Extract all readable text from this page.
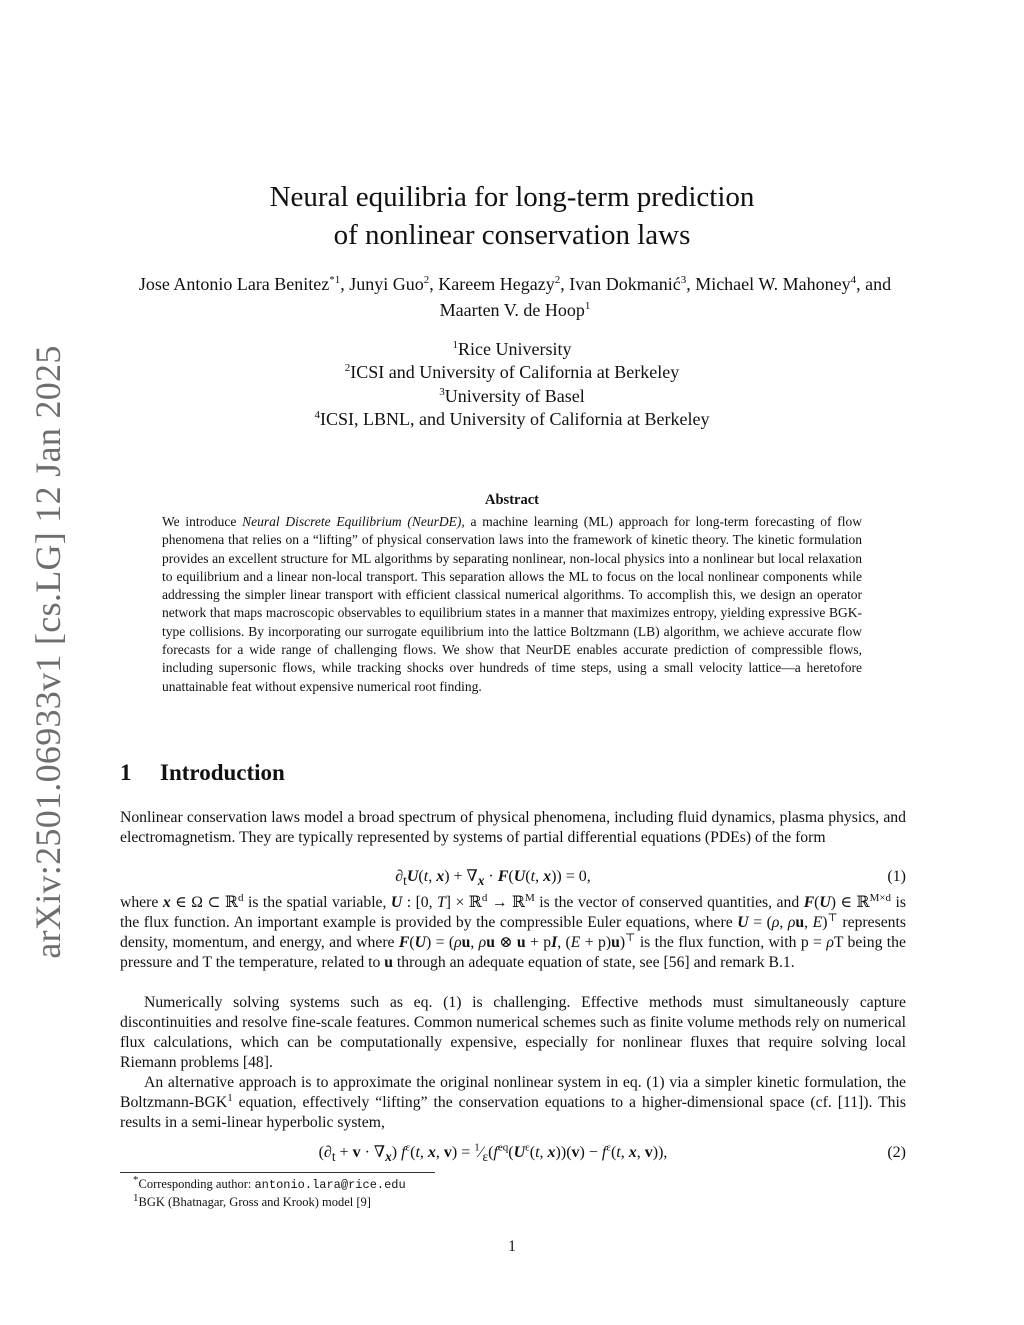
arXiv:2501.06933v1 [cs.LG] 12 Jan 2025
Neural equilibria for long-term prediction
of nonlinear conservation laws
Jose Antonio Lara Benitez$^{*1}$, Junyi Guo$^2$, Kareem Hegazy$^2$, Ivan Dokmanić$^3$, Michael W. Mahoney$^4$, and Maarten V. de Hoop$^1$
$^1$Rice University
$^2$ICSI and University of California at Berkeley
$^3$University of Basel
$^4$ICSI, LBNL, and University of California at Berkeley
Abstract

We introduce Neural Discrete Equilibrium (NeurDE), a machine learning (ML) approach for long-term forecasting of flow phenomena that relies on a “lifting” of physical conservation laws into the framework of kinetic theory. The kinetic formulation provides an excellent structure for ML algorithms by separating nonlinear, non-local physics into a nonlinear but local relaxation to equilibrium and a linear non-local transport. This separation allows the ML to focus on the local nonlinear components while addressing the simpler linear transport with efficient classical numerical algorithms. To accomplish this, we design an operator network that maps macroscopic observables to equilibrium states in a manner that maximizes entropy, yielding expressive BGK-type collisions. By incorporating our surrogate equilibrium into the lattice Boltzmann (LB) algorithm, we achieve accurate flow forecasts for a wide range of challenging flows. We show that NeurDE enables accurate prediction of compressible flows, including supersonic flows, while tracking shocks over hundreds of time steps, using a small velocity lattice—a heretofore unattainable feat without expensive numerical root finding.

1 Introduction

Nonlinear conservation laws model a broad spectrum of physical phenomena, including fluid dynamics, plasma physics, and electromagnetism. They are typically represented by systems of partial differential equations (PDEs) of the form

$\partial_tU(t$, $x) + \nabla_x \cdot F(U(t$, x)) = 0,	(1)

where x ∈ Ω ⊂ ℝ$^d$ is the spatial variable, U : [0, T] × ℝ$^d$ → ℝ$^M$ is the vector of conserved quantities, and F(U) ∈ ℝ$^{M\times d}$ is the flux function. An important example is provided by the compressible Euler equations, where U = (ρ, ρu, E)⊤ represents density, momentum, and energy, and where F(U) = (ρu, ρu ⊗ u + pI, (E + p)u)⊤ is the flux function, with p = ρT being the pressure and T the temperature, related to u through an adequate equation of state, see [56] and remark B.1.

Numerically solving systems such as eq. (1) is challenging. Effective methods must simultaneously capture discontinuities and resolve fine-scale features. Common numerical schemes such as finite volume methods rely on numerical flux calculations, which can be computationally expensive, especially for nonlinear fluxes that require solving local Riemann problems [48].

An alternative approach is to approximate the original nonlinear system in eq. (1) via a simpler kinetic formulation, the Boltzmann-BGK$^1$ equation, effectively “lifting” the conservation equations to a higher-dimensional space (cf. [11]). This results in a semi-linear hyperbolic system,

$(\partial_t + v \cdot \nabla_x)$ $f^\varepsilon(t$, x, $v) = ^1⁄_\varepsilon(f^{eq}(U^\varepsilon(t$, $x))(v) - f^\varepsilon(t$, x, v)),	(2)
*Corresponding author: antonio.lara@rice.edu
$^1$BGK (Bhatnagar, Gross and Krook) model [9]
1
